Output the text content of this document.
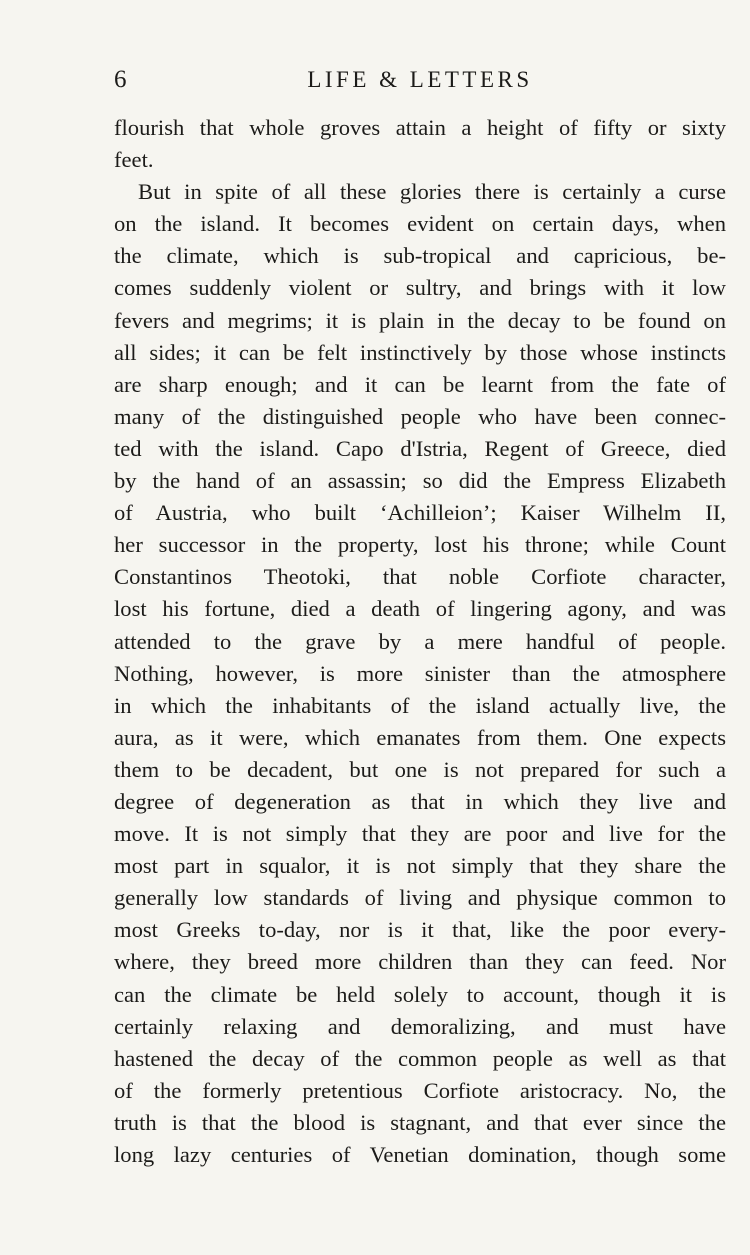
6	LIFE & LETTERS
flourish that whole groves attain a height of fifty or sixty
feet.
But in spite of all these glories there is certainly a curse
on the island. It becomes evident on certain days, when
the climate, which is sub-tropical and capricious, be-
comes suddenly violent or sultry, and brings with it low
fevers and megrims; it is plain in the decay to be found on
all sides; it can be felt instinctively by those whose instincts
are sharp enough; and it can be learnt from the fate of
many of the distinguished people who have been connec-
ted with the island. Capo d'Istria, Regent of Greece, died
by the hand of an assassin; so did the Empress Elizabeth
of Austria, who built ‘Achilleion’; Kaiser Wilhelm II,
her successor in the property, lost his throne; while Count
Constantinos Theotoki, that noble Corfiote character,
lost his fortune, died a death of lingering agony, and was
attended to the grave by a mere handful of people.
Nothing, however, is more sinister than the atmosphere
in which the inhabitants of the island actually live, the
aura, as it were, which emanates from them. One expects
them to be decadent, but one is not prepared for such a
degree of degeneration as that in which they live and
move. It is not simply that they are poor and live for the
most part in squalor, it is not simply that they share the
generally low standards of living and physique common to
most Greeks to-day, nor is it that, like the poor every-
where, they breed more children than they can feed. Nor
can the climate be held solely to account, though it is
certainly relaxing and demoralizing, and must have
hastened the decay of the common people as well as that
of the formerly pretentious Corfiote aristocracy. No, the
truth is that the blood is stagnant, and that ever since the
long lazy centuries of Venetian domination, though some
